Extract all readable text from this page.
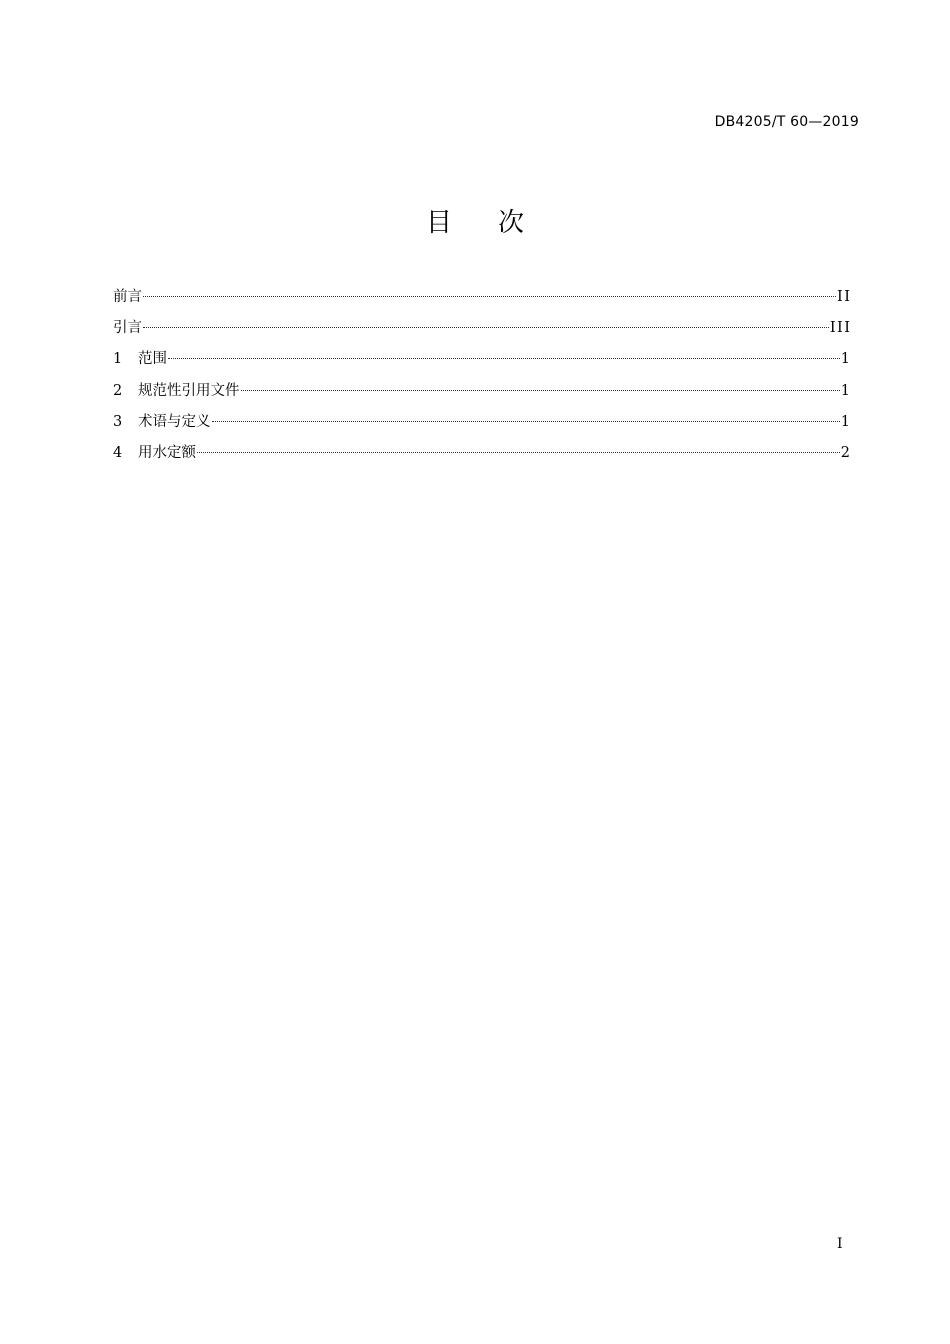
DB4205/T 60—2019
目次
前言	II
引言	III
1	范围	1
2	规范性引用文件	1
3	术语与定义	1
4	用水定额	2
I
